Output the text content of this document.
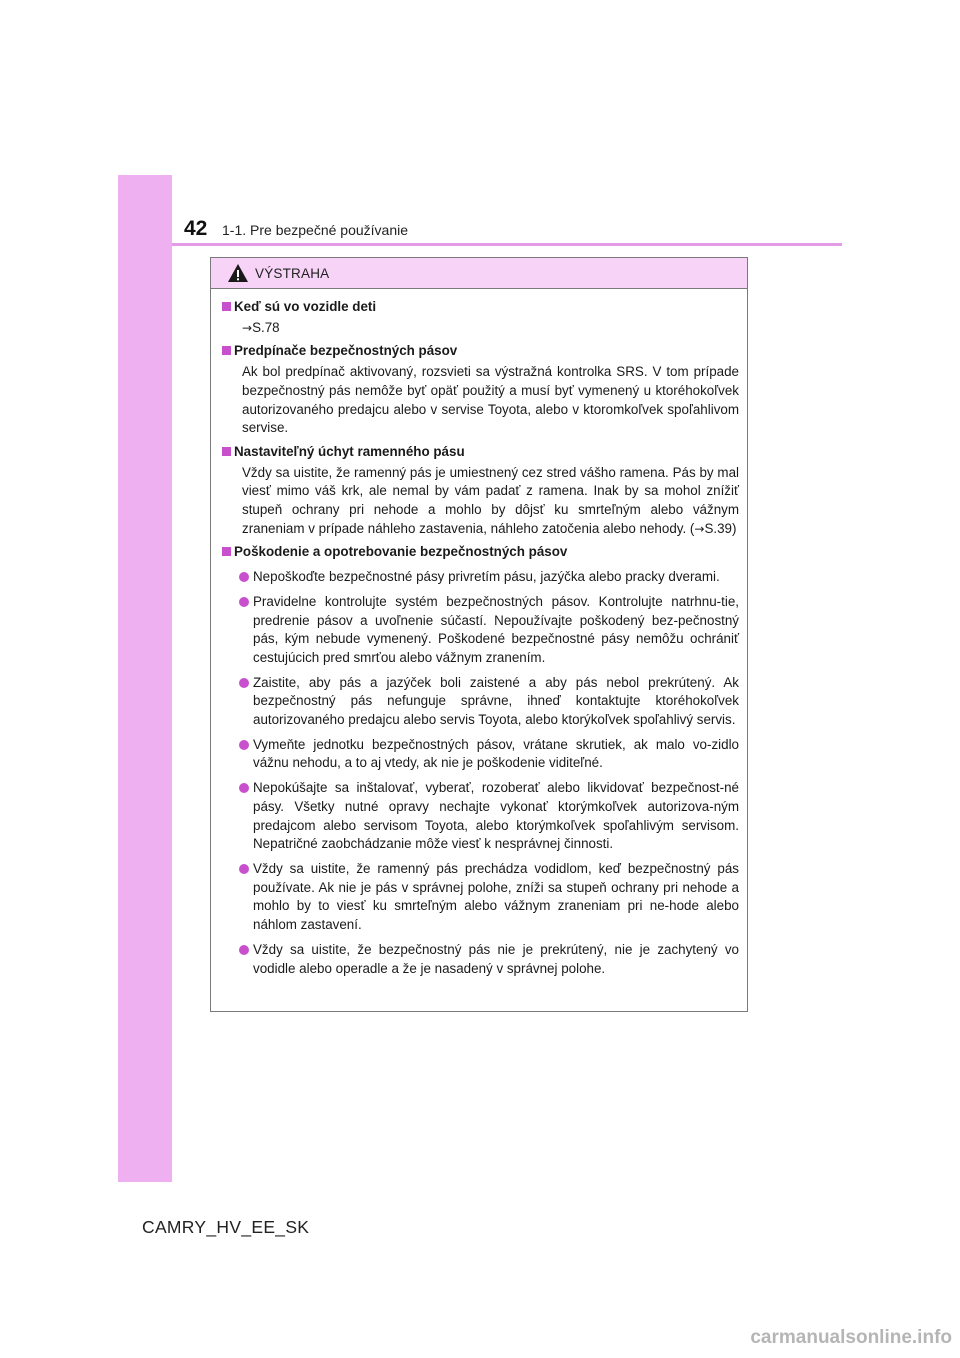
42 1-1. Pre bezpečné používanie
VÝSTRAHA
Keď sú vo vozidle deti
→S.78
Predpínače bezpečnostných pásov
Ak bol predpínač aktivovaný, rozsvieti sa výstražná kontrolka SRS. V tom prípade bezpečnostný pás nemôže byť opäť použitý a musí byť vymenený u ktoréhokoľvek autorizovaného predajcu alebo v servise Toyota, alebo v ktoromkoľvek spoľahlivom servise.
Nastaviteľný úchyt ramenného pásu
Vždy sa uistite, že ramenný pás je umiestnený cez stred vášho ramena. Pás by mal viesť mimo váš krk, ale nemal by vám padať z ramena. Inak by sa mohol znížiť stupeň ochrany pri nehode a mohlo by dôjsť ku smrteľným alebo vážnym zraneniam v prípade náhleho zastavenia, náhleho zatočenia alebo nehody. (→S.39)
Poškodenie a opotrebovanie bezpečnostných pásov
Nepoškoďte bezpečnostné pásy privretím pásu, jazýčka alebo pracky dverami.
Pravidelne kontrolujte systém bezpečnostných pásov. Kontrolujte natrhnu-tie, predrenie pásov a uvoľnenie súčastí. Nepoužívajte poškodený bez-pečnostný pás, kým nebude vymenený. Poškodené bezpečnostné pásy nemôžu ochrániť cestujúcich pred smrťou alebo vážnym zranením.
Zaistite, aby pás a jazýček boli zaistené a aby pás nebol prekrútený. Ak bezpečnostný pás nefunguje správne, ihneď kontaktujte ktoréhokoľvek autorizovaného predajcu alebo servis Toyota, alebo ktorýkoľvek spoľahlivý servis.
Vymeňte jednotku bezpečnostných pásov, vrátane skrutiek, ak malo vo-zidlo vážnu nehodu, a to aj vtedy, ak nie je poškodenie viditeľné.
Nepokúšajte sa inštalovať, vyberať, rozoberať alebo likvidovať bezpečnost-né pásy. Všetky nutné opravy nechajte vykonať ktorýmkoľvek autorizova-ným predajcom alebo servisom Toyota, alebo ktorýmkoľvek spoľahlivým servisom. Nepatričné zaobchádzanie môže viesť k nesprávnej činnosti.
Vždy sa uistite, že ramenný pás prechádza vodidlom, keď bezpečnostný pás používate. Ak nie je pás v správnej polohe, zníži sa stupeň ochrany pri nehode a mohlo by to viesť ku smrteľným alebo vážnym zraneniam pri ne-hode alebo náhlom zastavení.
Vždy sa uistite, že bezpečnostný pás nie je prekrútený, nie je zachytený vo vodidle alebo operadle a že je nasadený v správnej polohe.
CAMRY_HV_EE_SK
carmanualsonline.info
